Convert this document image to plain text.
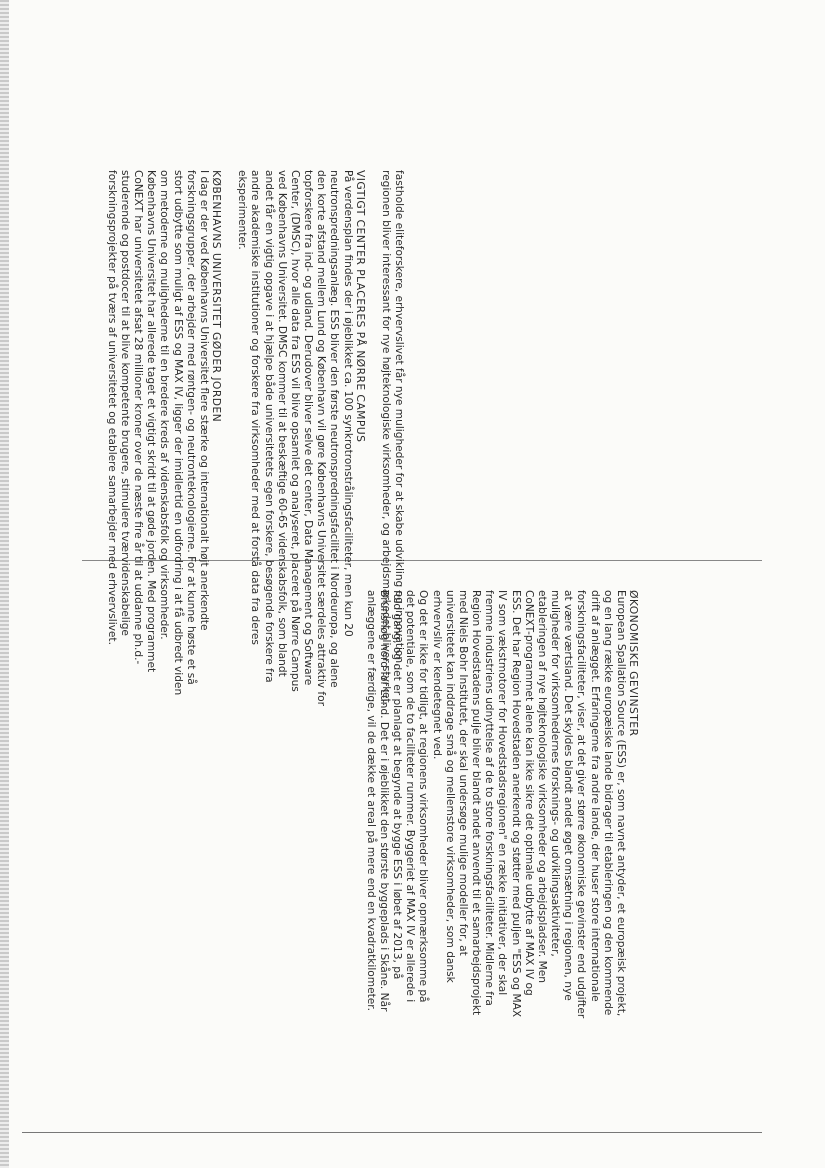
fastholde eliteforskere, erhvervslivet får nye muligheder for at skabe udvikling og innovation, regionen bliver interessant for nye højteknologiske virksomheder, og arbejdsmarkedet bliver styrket.

VIGTIGT CENTER PLACERES PÅ NØRRE CAMPUS

På verdensplan findes der i øjeblikket ca. 100 synkrotronstrålingsfaciliteter, men kun 20 neutronspredningsanlæg. ESS bliver den første neutronspredningsfacilitet i Nordeuropa, og alene den korte afstand mellem Lund og København vil gøre Københavns Universitet særdeles attraktiv for topforskere fra ind- og udland. Derudover bliver selve det center, Data Management og Software Center, (DMSC), hvor alle data fra ESS vil blive opsamlet og analyseret, placeret på Nørre Campus ved Københavns Universitet. DMSC kommer til at beskæftige 60-65 videnskabsfolk, som blandt andet får en vigtig opgave i at hjælpe både universitetets egen forskere, besøgende forskere fra andre akademiske institutioner og forskere fra virksomheder med at forstå data fra deres eksperimenter.

KØBENHAVNS UNIVERSITET GØDER JORDEN

I dag er der ved Københavns Universitet flere stærke og internationalt højt anerkendte forskningsgrupper, der arbejder med røntgen- og neutronteknologierne. For at kunne høste et så stort udbytte som muligt af ESS og MAX IV, ligger der imidlertid en udfordring i at få udbredt viden om metoderne og mulighederne til en bredere kreds af videnskabsfolk og virksomheder.

Københavns Universitet har allerede taget et vigtigt skridt til at gøde jorden. Med programmet CoNEXT har universitetet afsat 28 millioner kroner over de næste fire år til at uddanne ph.d.-studerende og postdocer til at blive kompetente brugere, stimulere tværvidenskabelige forskningsprojekter på tværs af universitetet og etablere samarbejder med erhvervslivet.

ØKONOMISKE GEVINSTER

European Spallation Source (ESS) er, som navnet antyder, et europæisk projekt, og en lang række europæiske lande bidrager til etableringen og den kommende drift af anlægget. Erfaringerne fra andre lande, der huser store internationale forskningsfaciliteter, viser, at det giver større økonomiske gevinster end udgifter at være værtsland. Det skyldes blandt andet øget omsætning i regionen, nye muligheder for virksomhedernes forsknings- og udviklingsaktiviteter, etableringen af nye højteknologiske virksomheder og arbejdspladser. Men CoNEXT-programmet alene kan ikke sikre det optimale udbytte af MAX IV og ESS. Det har Region Hovedstaden anerkendt og støtter med puljen "ESS og MAX IV som vækstmotorer for Hovedstadsregionen" en række initiativer, der skal fremme industriens udnyttelse af de to store forskningsfaciliteter. Midlerne fra Region Hovedstadens pulje bliver blandt andet anvendt til et samarbejdsprojekt med Niels Bohr Institutet, der skal undersøge mulige modeller for, at universitetet kan inddrage små og mellemstore virksomheder, som dansk erhvervsliv er kendetegnet ved.

Og det er ikke for tidligt, at regionens virksomheder bliver opmærksomme på det potentiale, som de to faciliteter rummer. Byggeriet af MAX IV er allerede i fuld gang, og det er planlagt at begynde at bygge ESS i løbet af 2013, på Brunshøg nord for Lund. Det er i øjeblikket den største byggeplads i Skåne. Når anlæggene er færdige, vil de dække et areal på mere end en kvadratkilometer.
